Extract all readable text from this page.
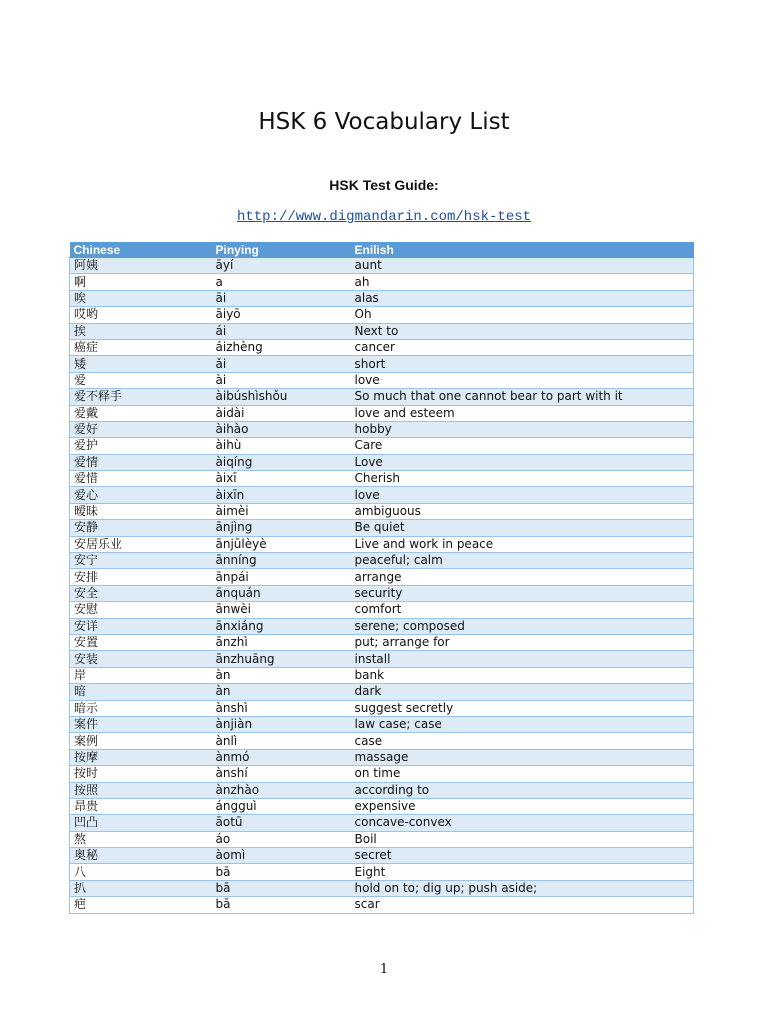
HSK 6 Vocabulary List
HSK Test Guide:
http://www.digmandarin.com/hsk-test
Chinese	Pinying	Enilish
阿姨	āyí	aunt
啊	a	ah
唉	āi	alas
哎哟	āiyō	Oh
挨	ái	Next to
癌症	áizhèng	cancer
矮	ǎi	short
爱	ài	love
爱不释手	àibúshìshǒu	So much that one cannot bear to part with it
爱戴	àidài	love and esteem
爱好	àihào	hobby
爱护	àihù	Care
爱情	àiqíng	Love
爱惜	àixī	Cherish
爱心	àixīn	love
暧昧	àimèi	ambiguous
安静	ānjìng	Be quiet
安居乐业	ānjūlèyè	Live and work in peace
安宁	ānníng	peaceful; calm
安排	ānpái	arrange
安全	ānquán	security
安慰	ānwèi	comfort
安详	ānxiáng	serene; composed
安置	ānzhì	put; arrange for
安装	ānzhuāng	install
岸	àn	bank
暗	àn	dark
暗示	ànshì	suggest secretly
案件	ànjiàn	law case; case
案例	ànlì	case
按摩	ànmó	massage
按时	ànshí	on time
按照	ànzhào	according to
昂贵	ángguì	expensive
凹凸	āotū	concave-convex
熬	áo	Boil
奥秘	àomì	secret
八	bā	Eight
扒	bā	hold on to; dig up; push aside;
疤	bā	scar
1
